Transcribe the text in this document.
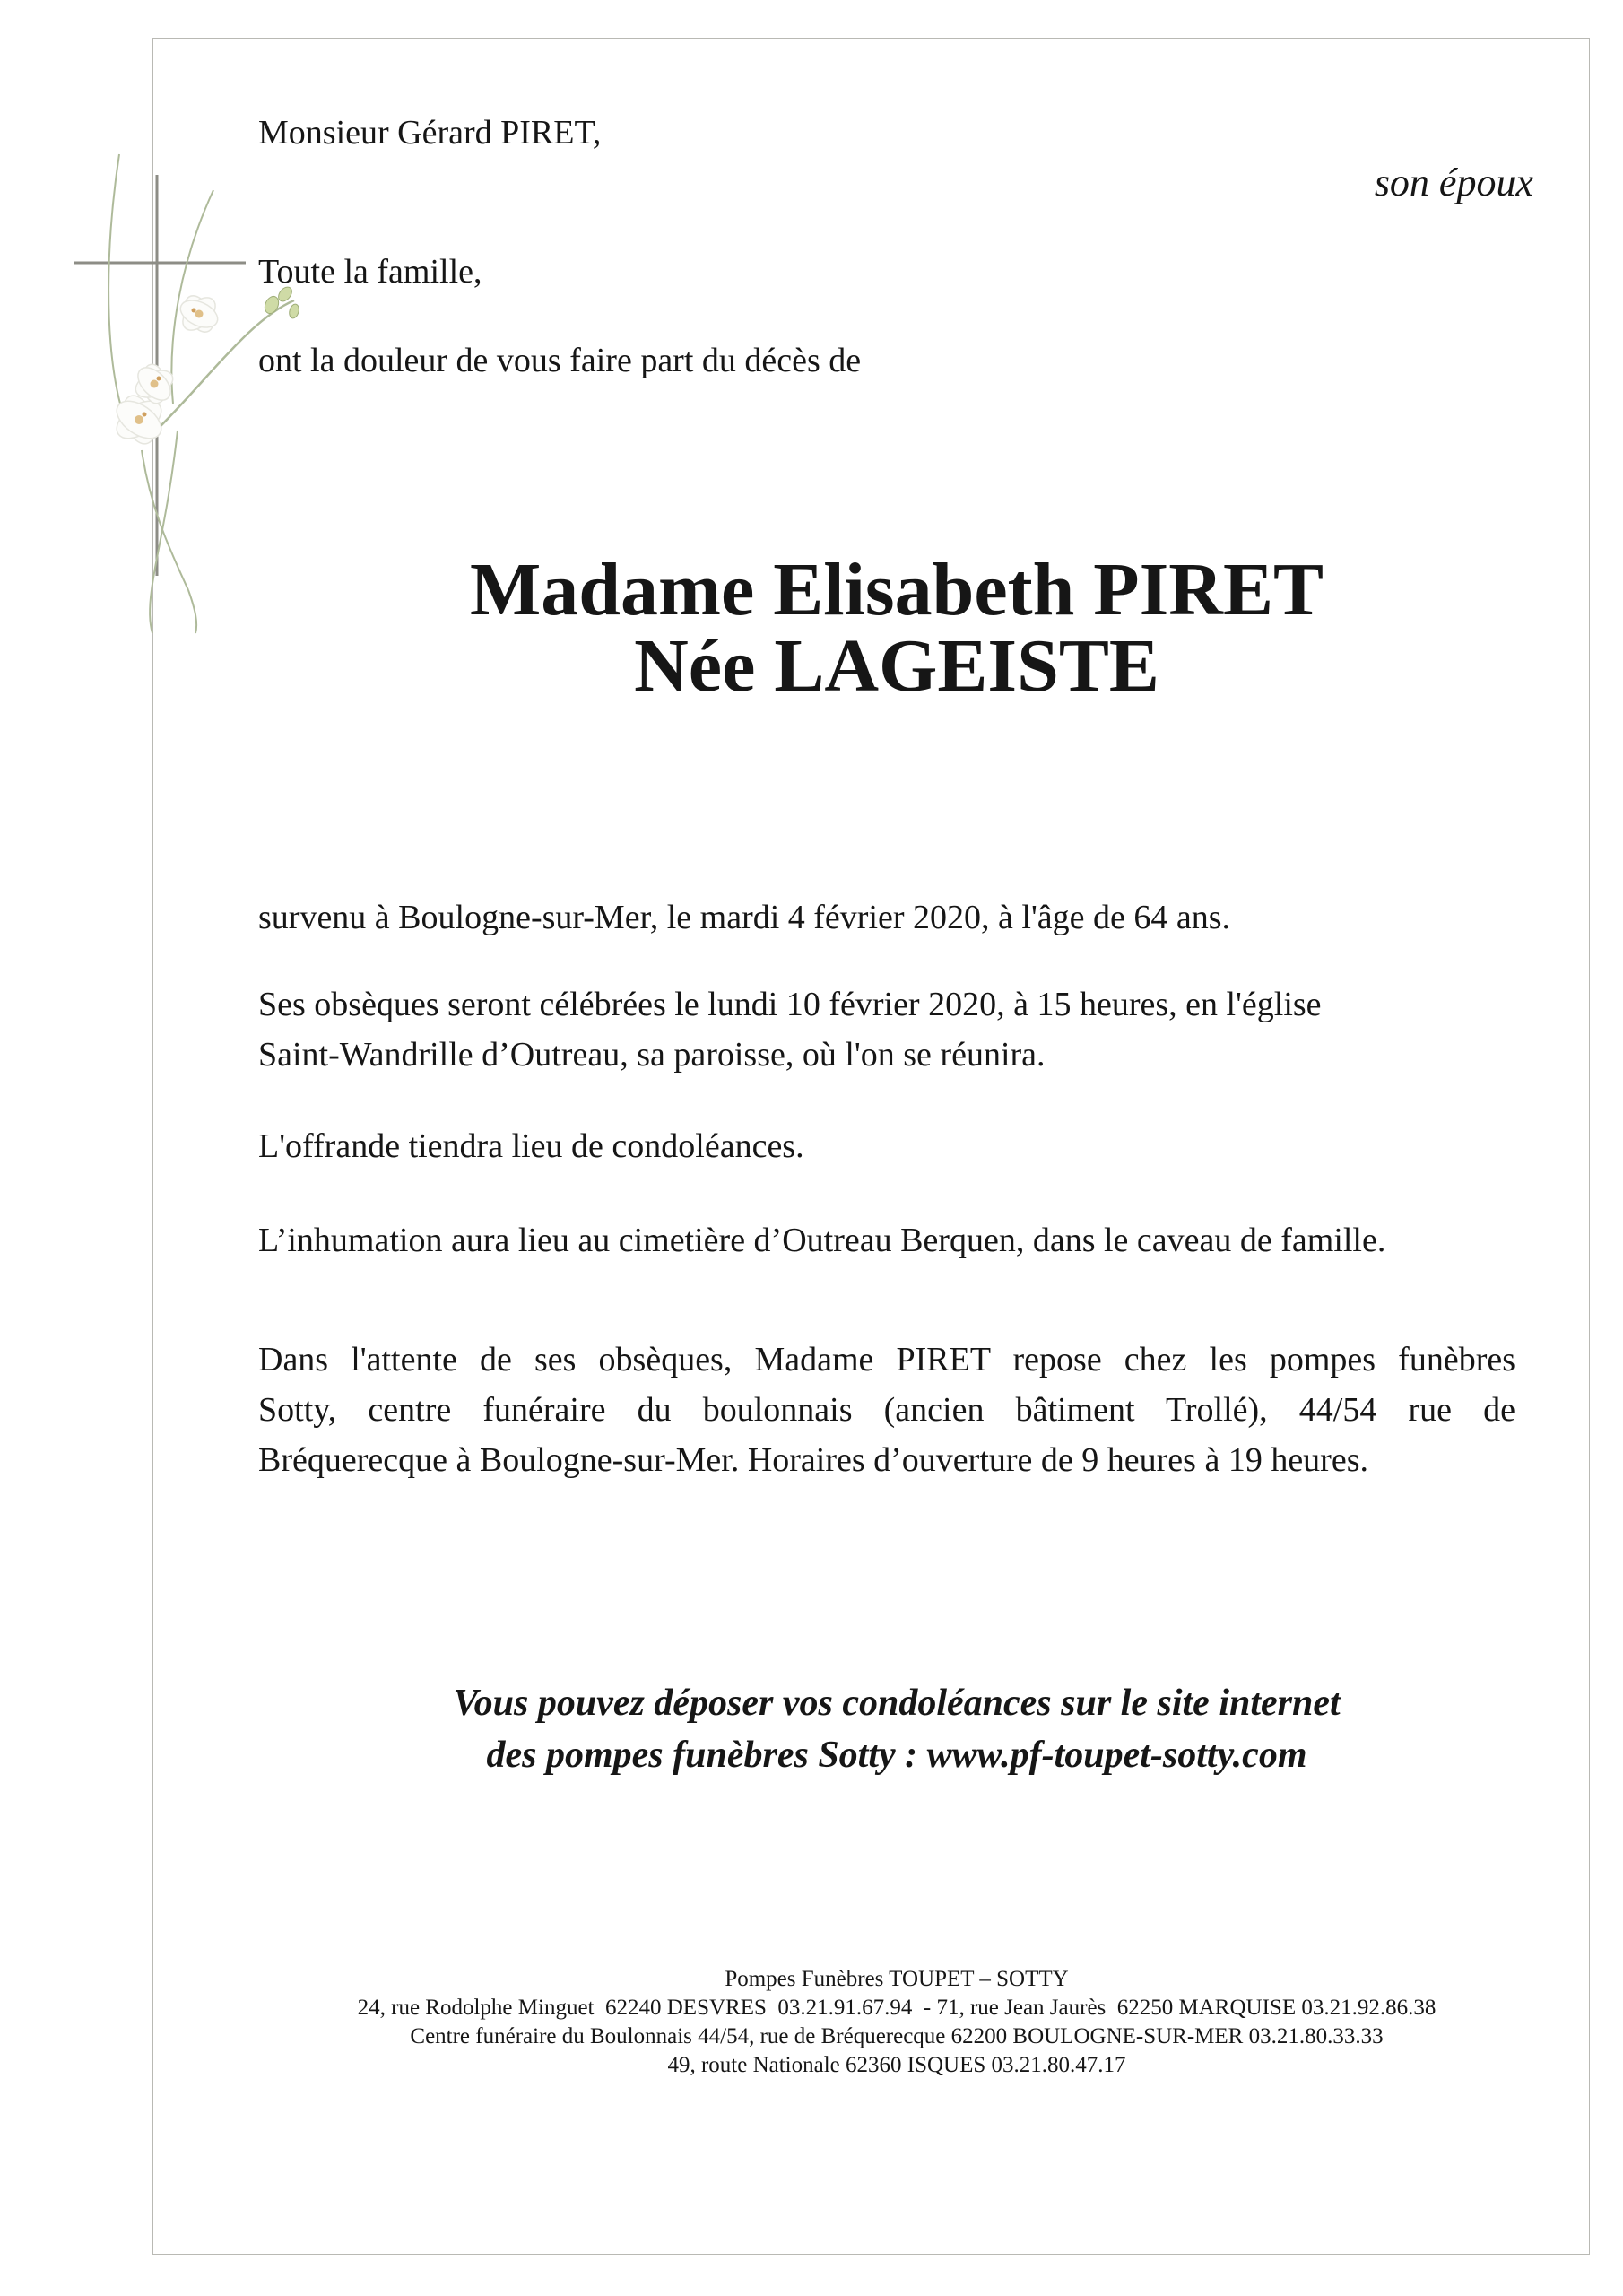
Monsieur Gérard PIRET,
son époux
Toute la famille,
ont la douleur de vous faire part du décès de
Madame Elisabeth PIRET
Née LAGEISTE
survenu à Boulogne-sur-Mer, le mardi 4 février 2020, à l'âge de 64 ans.
Ses obsèques seront célébrées le lundi 10 février 2020, à 15 heures, en l'église
Saint-Wandrille d’Outreau, sa paroisse, où l'on se réunira.
L'offrande tiendra lieu de condoléances.
L’inhumation aura lieu au cimetière d’Outreau Berquen, dans le caveau de famille.
Dans l'attente de ses obsèques, Madame PIRET repose chez les pompes funèbres
Sotty, centre funéraire du boulonnais (ancien bâtiment Trollé), 44/54 rue de
Bréquerecque à Boulogne-sur-Mer. Horaires d’ouverture de 9 heures à 19 heures.
Vous pouvez déposer vos condoléances sur le site internet
des pompes funèbres Sotty : www.pf-toupet-sotty.com
Pompes Funèbres TOUPET – SOTTY
24, rue Rodolphe Minguet  62240 DESVRES  03.21.91.67.94  - 71, rue Jean Jaurès  62250 MARQUISE 03.21.92.86.38
Centre funéraire du Boulonnais 44/54, rue de Bréquerecque 62200 BOULOGNE-SUR-MER 03.21.80.33.33
49, route Nationale 62360 ISQUES 03.21.80.47.17
